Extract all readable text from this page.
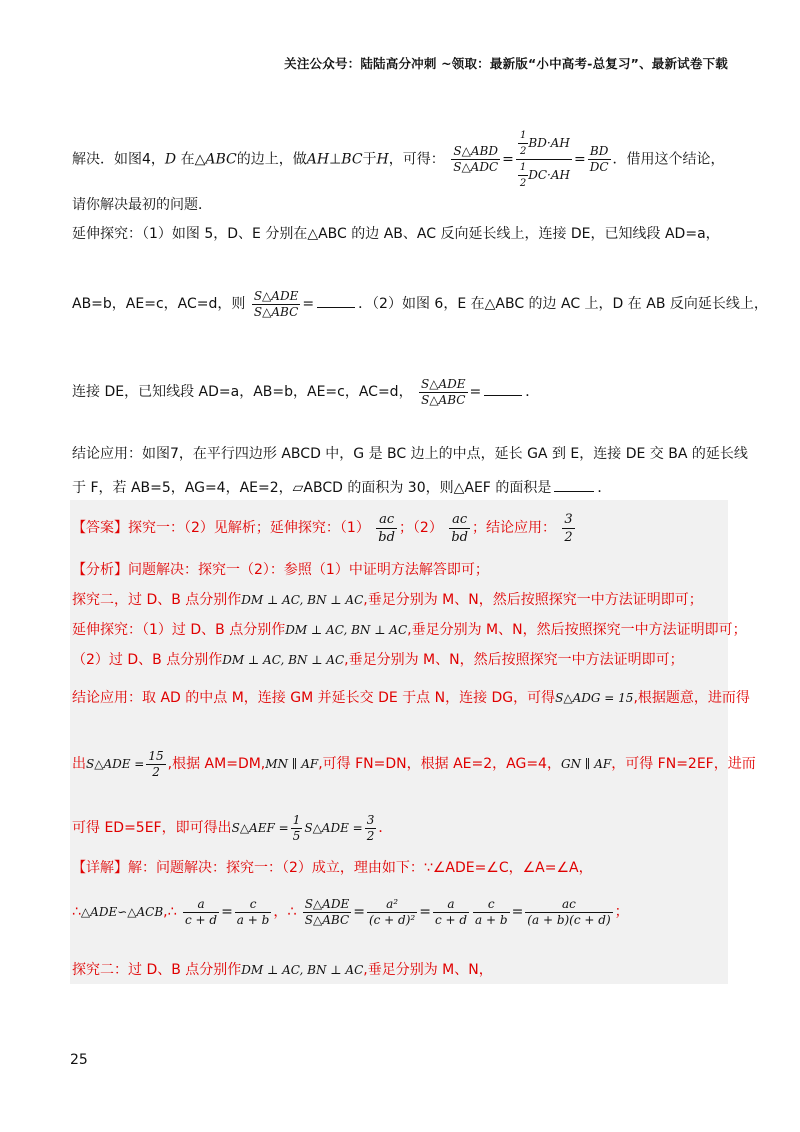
关注公众号：陆陆高分冲刺 ~领取：最新版“小中高考-总复习”、最新试卷下载
解决．如图4，D 在△ABC的边上，做AH⊥BC于H，可得： $\frac{\text{S△ABD}}{\text{S△ADC}} = \frac{\frac{1}{2} BD\cdot AH}{\frac{1}{2} DC\cdot AH} = \frac{BD}{DC}$ ．借用这个结论，
请你解决最初的问题．
延伸探究：（1）如图 5，D、E 分别在△ABC 的边 AB、AC 反向延长线上，连接 DE，已知线段 AD=a，
AB=b，AE=c，AC=d，则 $\frac{\text{S△ADE}}{\text{S△ABC}}$ =	．（2）如图 6，E 在△ABC 的边 AC 上，D 在 AB 反向延长线上，
连接 DE，已知线段 AD=a，AB=b，AE=c，AC=d， $\frac{\text{S△ADE}}{\text{S△ABC}}$ =	．
结论应用：如图7，在平行四边形 ABCD 中，G 是 BC 边上的中点，延长 GA 到 E，连接 DE 交 BA 的延长线
于 F，若 AB=5，AG=4，AE=2，▱ABCD 的面积为 30，则△AEF 的面积是	．
【答案】探究一：（2）见解析；延伸探究：$(1) \frac{ac}{bd}$ ；$(2) \frac{ac}{bd}$ ；结论应用： $\frac{3}{2}$
【分析】问题解决：探究一（2）：参照（1）中证明方法解答即可；
探究二，过 D、B 点分别作DM ⊥ AC, BN ⊥ AC,垂足分别为 M、N，然后按照探究一中方法证明即可；
延伸探究：（1）过 D、B 点分别作DM ⊥ AC, BN ⊥ AC,垂足分别为 M、N，然后按照探究一中方法证明即可；
（2）过 D、B 点分别作DM ⊥ AC, BN ⊥ AC,垂足分别为 M、N，然后按照探究一中方法证明即可；
结论应用：取 AD 的中点 M，连接 GM 并延长交 DE 于点 N，连接 DG，可得S△ADG = 15,根据题意，进而得
出S△ADE = $\frac{15}{2}$ ,根据 AM=DM,MN ∥ AF,可得 FN=DN，根据 AE=2，AG=4，GN ∥ AF，可得 FN=2EF，进而
可得 ED=5EF，即可得出S△AEF = $\frac{1}{5}$ S△ADE = $\frac{3}{2}$ ．
【详解】解：问题解决：探究一：（2）成立，理由如下：∵∠ADE=∠C，∠A=∠A，
∴△ADE∽△ACB,∴ $\frac{a}{c + d} = \frac{c}{a + b}$ ，∴ $\frac{\text{S△ADE}}{\text{S△ABC}} = \frac{\text{a²}}{\text{(c + d)²}} = \frac{a}{c + d} \frac{c}{a + b} = \frac{ac}{(a + b)(c + d)}$ ；
探究二：过 D、B 点分别作DM ⊥ AC, BN ⊥ AC,垂足分别为 M、N，
25
